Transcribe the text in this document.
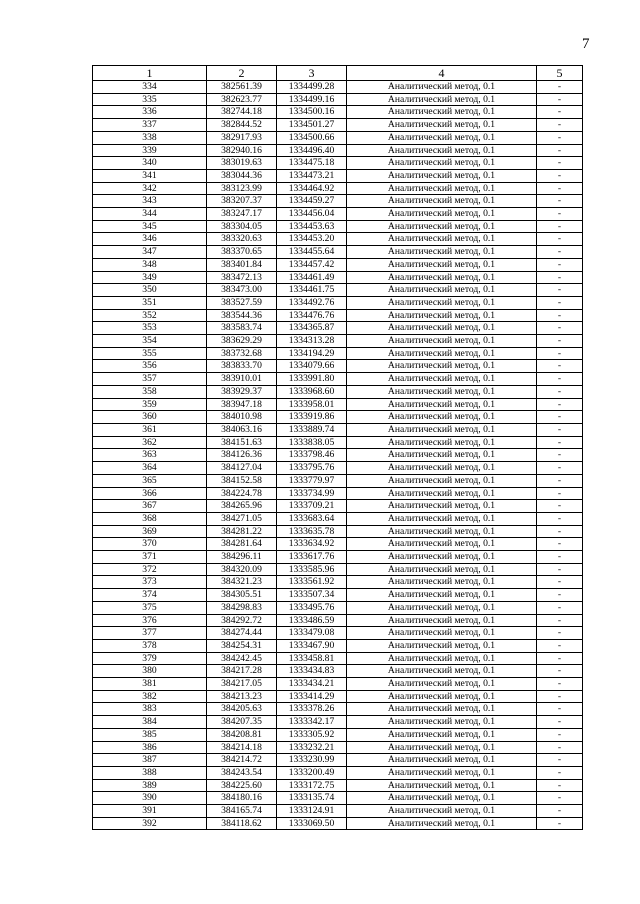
7
1	2	3	4	5
334	382561.39	1334499.28	Аналитический метод, 0.1	-
335	382623.77	1334499.16	Аналитический метод, 0.1	-
336	382744.18	1334500.16	Аналитический метод, 0.1	-
337	382844.52	1334501.27	Аналитический метод, 0.1	-
338	382917.93	1334500.66	Аналитический метод, 0.1	-
339	382940.16	1334496.40	Аналитический метод, 0.1	-
340	383019.63	1334475.18	Аналитический метод, 0.1	-
341	383044.36	1334473.21	Аналитический метод, 0.1	-
342	383123.99	1334464.92	Аналитический метод, 0.1	-
343	383207.37	1334459.27	Аналитический метод, 0.1	-
344	383247.17	1334456.04	Аналитический метод, 0.1	-
345	383304.05	1334453.63	Аналитический метод, 0.1	-
346	383320.63	1334453.20	Аналитический метод, 0.1	-
347	383370.65	1334455.64	Аналитический метод, 0.1	-
348	383401.84	1334457.42	Аналитический метод, 0.1	-
349	383472.13	1334461.49	Аналитический метод, 0.1	-
350	383473.00	1334461.75	Аналитический метод, 0.1	-
351	383527.59	1334492.76	Аналитический метод, 0.1	-
352	383544.36	1334476.76	Аналитический метод, 0.1	-
353	383583.74	1334365.87	Аналитический метод, 0.1	-
354	383629.29	1334313.28	Аналитический метод, 0.1	-
355	383732.68	1334194.29	Аналитический метод, 0.1	-
356	383833.70	1334079.66	Аналитический метод, 0.1	-
357	383910.01	1333991.80	Аналитический метод, 0.1	-
358	383929.37	1333968.60	Аналитический метод, 0.1	-
359	383947.18	1333958.01	Аналитический метод, 0.1	-
360	384010.98	1333919.86	Аналитический метод, 0.1	-
361	384063.16	1333889.74	Аналитический метод, 0.1	-
362	384151.63	1333838.05	Аналитический метод, 0.1	-
363	384126.36	1333798.46	Аналитический метод, 0.1	-
364	384127.04	1333795.76	Аналитический метод, 0.1	-
365	384152.58	1333779.97	Аналитический метод, 0.1	-
366	384224.78	1333734.99	Аналитический метод, 0.1	-
367	384265.96	1333709.21	Аналитический метод, 0.1	-
368	384271.05	1333683.64	Аналитический метод, 0.1	-
369	384281.22	1333635.78	Аналитический метод, 0.1	-
370	384281.64	1333634.92	Аналитический метод, 0.1	-
371	384296.11	1333617.76	Аналитический метод, 0.1	-
372	384320.09	1333585.96	Аналитический метод, 0.1	-
373	384321.23	1333561.92	Аналитический метод, 0.1	-
374	384305.51	1333507.34	Аналитический метод, 0.1	-
375	384298.83	1333495.76	Аналитический метод, 0.1	-
376	384292.72	1333486.59	Аналитический метод, 0.1	-
377	384274.44	1333479.08	Аналитический метод, 0.1	-
378	384254.31	1333467.90	Аналитический метод, 0.1	-
379	384242.45	1333458.81	Аналитический метод, 0.1	-
380	384217.28	1333434.83	Аналитический метод, 0.1	-
381	384217.05	1333434.21	Аналитический метод, 0.1	-
382	384213.23	1333414.29	Аналитический метод, 0.1	-
383	384205.63	1333378.26	Аналитический метод, 0.1	-
384	384207.35	1333342.17	Аналитический метод, 0.1	-
385	384208.81	1333305.92	Аналитический метод, 0.1	-
386	384214.18	1333232.21	Аналитический метод, 0.1	-
387	384214.72	1333230.99	Аналитический метод, 0.1	-
388	384243.54	1333200.49	Аналитический метод, 0.1	-
389	384225.60	1333172.75	Аналитический метод, 0.1	-
390	384180.16	1333135.74	Аналитический метод, 0.1	-
391	384165.74	1333124.91	Аналитический метод, 0.1	-
392	384118.62	1333069.50	Аналитический метод, 0.1	-
